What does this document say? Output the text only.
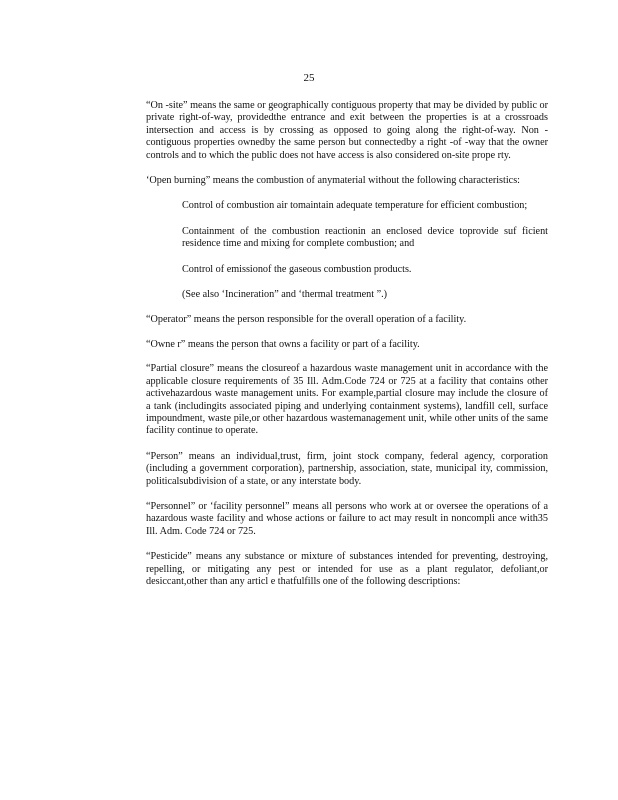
25

“On -site” means the same or geographically contiguous property that may be divided by public or private right-of-way, providedthe entrance and exit between the properties is at a crossroads intersection and access is by crossing as opposed to going along the right-of-way. Non -contiguous properties ownedby the same person but connectedby a right -of -way that the owner controls and to which the public does not have access is also considered on-site prope rty.

‘Open burning” means the combustion of anymaterial without the following characteristics:

Control of combustion air tomaintain adequate temperature for efficient combustion;

Containment of the combustion reactionin an enclosed device toprovide suf ficient residence time and mixing for complete combustion; and

Control of emissionof the gaseous combustion products.

(See also ‘Incineration” and ‘thermal treatment ”.)

“Operator” means the person responsible for the overall operation of a facility.

“Owne r” means the person that owns a facility or part of a facility.

“Partial closure” means the closureof a hazardous waste management unit in accordance with the applicable closure requirements of 35 Ill. Adm.Code 724 or 725 at a facility that contains other activehazardous waste management units. For example,partial closure may include the closure of a tank (includingits associated piping and underlying containment systems), landfill cell, surface impoundment, waste pile,or other hazardous wastemanagement unit, while other units of the same facility continue to operate.

“Person” means an individual,trust, firm, joint stock company, federal agency, corporation (including a government corporation), partnership, association, state, municipal ity, commission, politicalsubdivision of a state, or any interstate body.

“Personnel” or ‘facility personnel” means all persons who work at or oversee the operations of a hazardous waste facility and whose actions or failure to act may result in noncompli ance with35 Ill. Adm. Code 724 or 725.

“Pesticide” means any substance or mixture of substances intended for preventing, destroying, repelling, or mitigating any pest or intended for use as a plant regulator, defoliant,or desiccant,other than any articl e thatfulfills one of the following descriptions:
